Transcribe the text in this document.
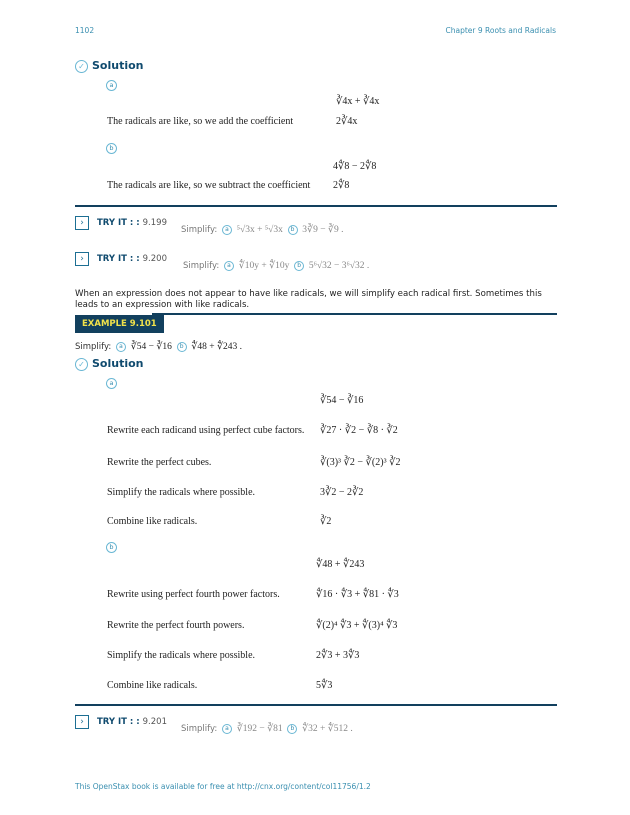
1102	Chapter 9 Roots and Radicals
✓ Solution
a
∛4x + ∛4x
The radicals are like, so we add the coefficient	2∛4x
b
4∜8 − 2∜8
The radicals are like, so we subtract the coefficient 2∜8
›	TRY IT : : 9.199
Simplify: a ⁵√3x + ⁵√3x b 3∛9 − ∛9 .
›	TRY IT : : 9.200
Simplify: a ∜10y + ∜10y b 5⁶√32 − 3⁶√32 .
When an expression does not appear to have like radicals, we will simplify each radical first. Sometimes this leads to an expression with like radicals.
EXAMPLE 9.101
Simplify: a ∛54 − ∛16 b ∜48 + ∜243 .
✓ Solution
a
∛54 − ∛16
Rewrite each radicand using perfect cube factors. ∛27 · ∛2 − ∛8 · ∛2
Rewrite the perfect cubes.	∛(3)³ ∛2 − ∛(2)³ ∛2
Simplify the radicals where possible.	3∛2 − 2∛2
Combine like radicals.	∛2
b
∜48 + ∜243
Rewrite using perfect fourth power factors.	∜16 · ∜3 + ∜81 · ∜3
Rewrite the perfect fourth powers.	∜(2)⁴ ∜3 + ∜(3)⁴ ∜3
Simplify the radicals where possible.	2∜3 + 3∜3
Combine like radicals.	5∜3
›	TRY IT : : 9.201
Simplify: a ∛192 − ∛81 b ∜32 + ∜512 .
This OpenStax book is available for free at http://cnx.org/content/col11756/1.2
